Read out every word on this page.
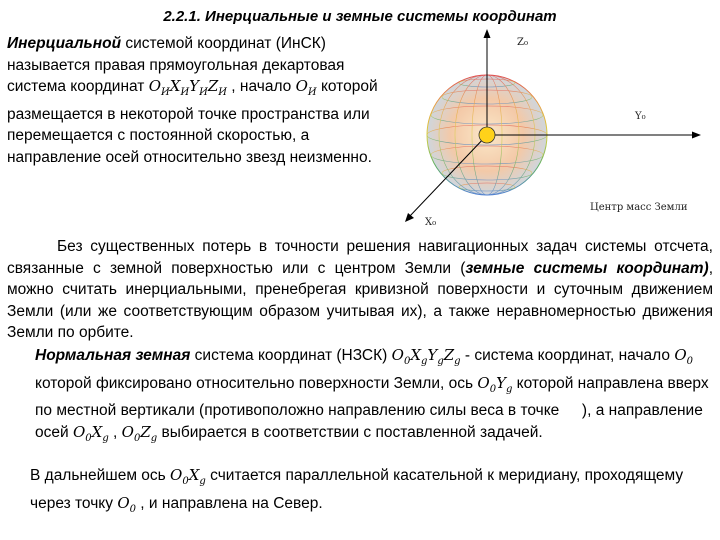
2.2.1. Инерциальные и земные системы координат
Инерциальной системой координат (ИнСК) называется правая прямоугольная декартовая система координат $O_ИX_ИY_ИZ_И$ , начало $O_И$ которой размещается в некоторой точке пространства или перемещается с постоянной скоростью, а направление осей относительно звезд неизменно.
Z₀
Y₀
X₀
Центр масс Земли
Без существенных потерь в точности решения навигационных задач системы отсчета, связанные с земной поверхностью или с центром Земли (земные системы координат), можно считать инерциальными, пренебрегая кривизной поверхности и суточным движением Земли (или же соответствующим образом учитывая их), а также неравномерностью движения Земли по орбите.
Нормальная земная система координат (НЗСК) $O_0X_gY_gZ_g$ - система координат, начало $O_0$ которой фиксировано относительно поверхности Земли, ось $O_0Y_g$ которой направлена вверх по местной вертикали (противоположно направлению силы веса в точке  ), а направление осей $O_0X_g$ , $O_0Z_g$ выбирается в соответствии с поставленной задачей.
В дальнейшем ось $O_0X_g$ считается параллельной касательной к меридиану, проходящему через точку $O_0$ , и направлена на Север.
